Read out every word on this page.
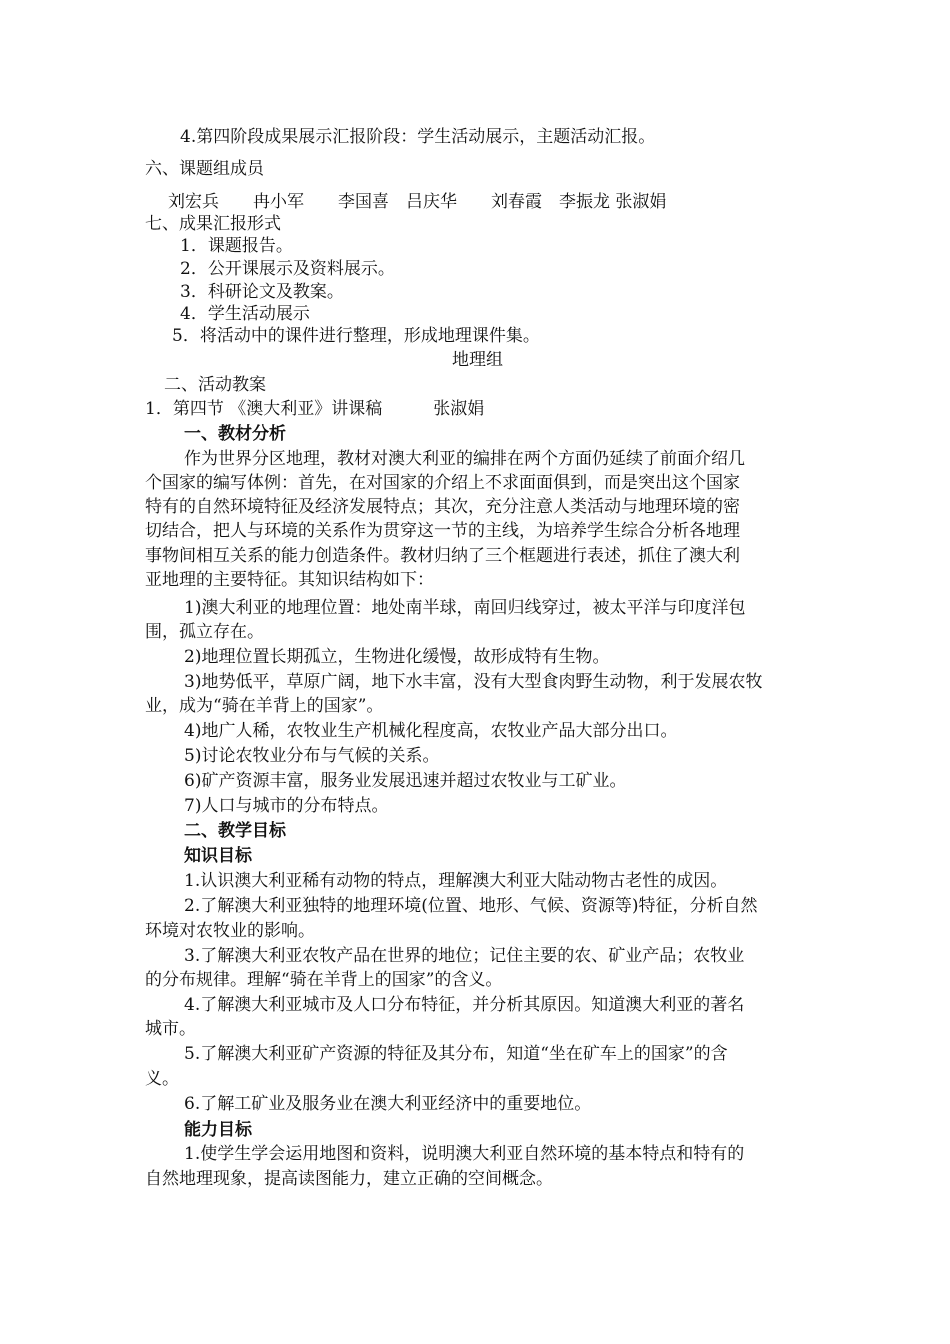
4.第四阶段成果展示汇报阶段：学生活动展示，主题活动汇报。
六、课题组成员
刘宏兵　　冉小军　　李国喜　吕庆华　　刘春霞　李振龙 张淑娟
七、成果汇报形式
1．课题报告。
2．公开课展示及资料展示。
3．科研论文及教案。
4．学生活动展示
5．将活动中的课件进行整理，形成地理课件集。
地理组
二、活动教案
1．第四节 《澳大利亚》讲课稿　　　张淑娟
一、教材分析
作为世界分区地理，教材对澳大利亚的编排在两个方面仍延续了前面介绍几
个国家的编写体例：首先，在对国家的介绍上不求面面俱到，而是突出这个国家
特有的自然环境特征及经济发展特点；其次，充分注意人类活动与地理环境的密
切结合，把人与环境的关系作为贯穿这一节的主线，为培养学生综合分析各地理
事物间相互关系的能力创造条件。教材归纳了三个框题进行表述，抓住了澳大利
亚地理的主要特征。其知识结构如下：
1)澳大利亚的地理位置：地处南半球，南回归线穿过，被太平洋与印度洋包
围，孤立存在。
2)地理位置长期孤立，生物进化缓慢，故形成特有生物。
3)地势低平，草原广阔，地下水丰富，没有大型食肉野生动物，利于发展农牧
业，成为“骑在羊背上的国家”。
4)地广人稀，农牧业生产机械化程度高，农牧业产品大部分出口。
5)讨论农牧业分布与气候的关系。
6)矿产资源丰富，服务业发展迅速并超过农牧业与工矿业。
7)人口与城市的分布特点。
二、教学目标
知识目标
1.认识澳大利亚稀有动物的特点，理解澳大利亚大陆动物古老性的成因。
2.了解澳大利亚独特的地理环境(位置、地形、气候、资源等)特征，分析自然
环境对农牧业的影响。
3.了解澳大利亚农牧产品在世界的地位；记住主要的农、矿业产品；农牧业
的分布规律。理解“骑在羊背上的国家”的含义。
4.了解澳大利亚城市及人口分布特征，并分析其原因。知道澳大利亚的著名
城市。
5.了解澳大利亚矿产资源的特征及其分布，知道“坐在矿车上的国家”的含
义。
6.了解工矿业及服务业在澳大利亚经济中的重要地位。
能力目标
1.使学生学会运用地图和资料，说明澳大利亚自然环境的基本特点和特有的
自然地理现象，提高读图能力，建立正确的空间概念。
